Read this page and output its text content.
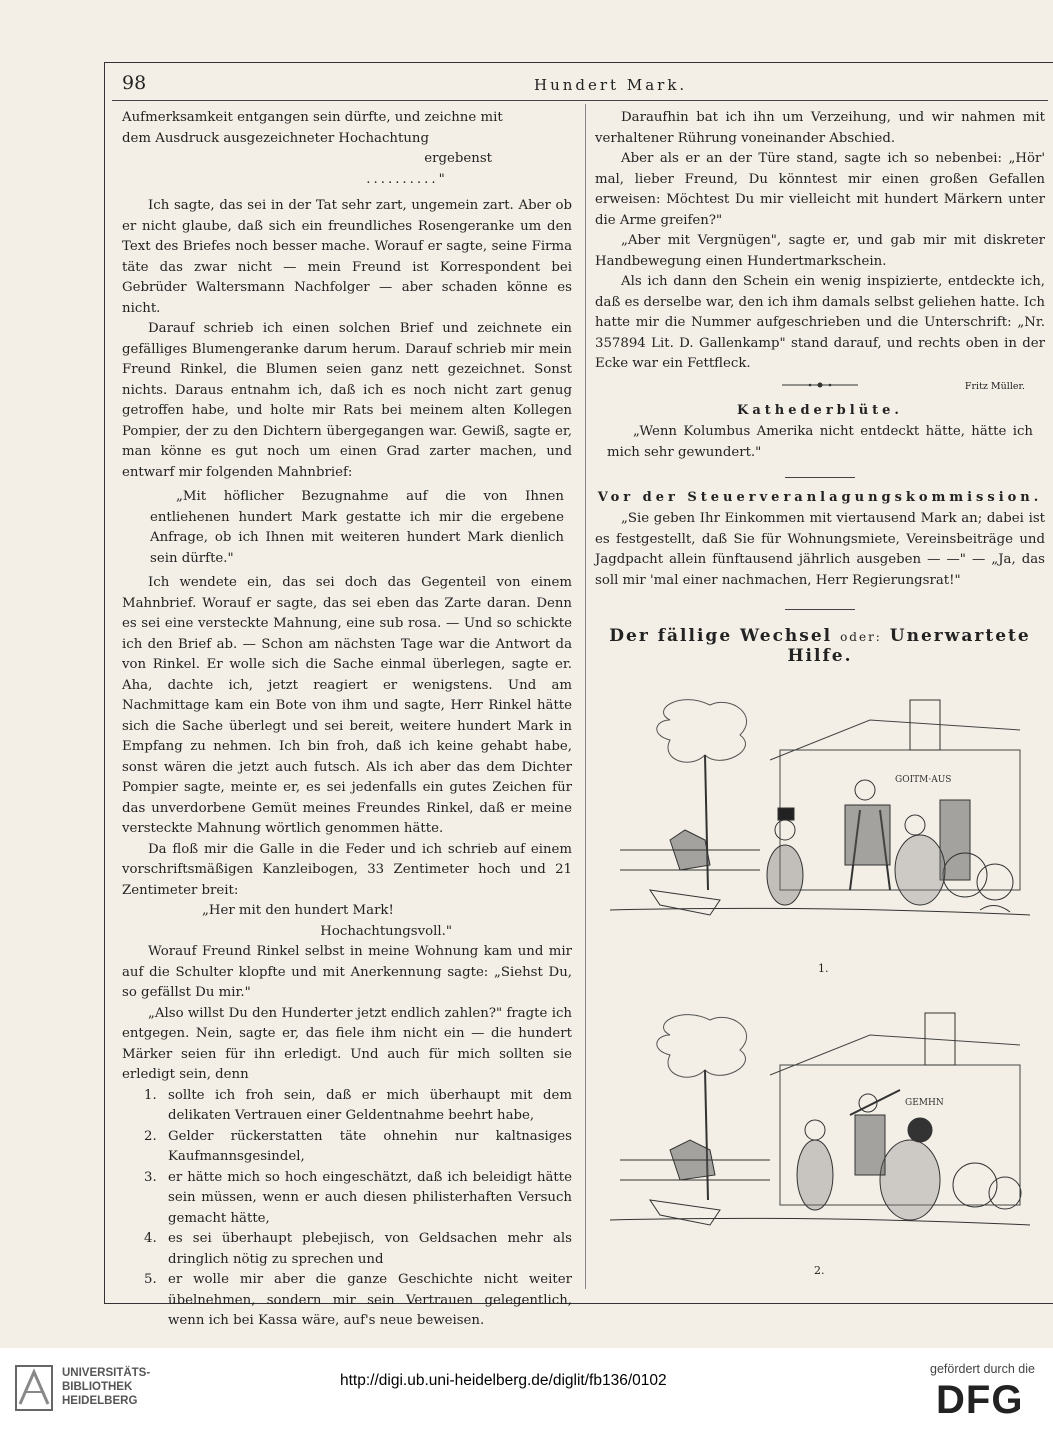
98	Hundert Mark.

Aufmerksamkeit entgangen sein dürfte, und zeichne mit

dem Ausdruck ausgezeichneter Hochachtung

ergebenst

.........."

Ich sagte, das sei in der Tat sehr zart, ungemein zart. Aber ob er nicht glaube, daß sich ein freundliches Rosengeranke um den Text des Briefes noch besser mache. Worauf er sagte, seine Firma täte das zwar nicht — mein Freund ist Korrespondent bei Gebrüder Waltersmann Nachfolger — aber schaden könne es nicht.

Darauf schrieb ich einen solchen Brief und zeichnete ein gefälliges Blumengeranke darum herum. Darauf schrieb mir mein Freund Rinkel, die Blumen seien ganz nett gezeichnet. Sonst nichts. Daraus entnahm ich, daß ich es noch nicht zart genug getroffen habe, und holte mir Rats bei meinem alten Kollegen Pompier, der zu den Dichtern übergegangen war. Gewiß, sagte er, man könne es gut noch um einen Grad zarter machen, und entwarf mir folgenden Mahnbrief:

„Mit höflicher Bezugnahme auf die von Ihnen entliehenen hundert Mark gestatte ich mir die ergebene Anfrage, ob ich Ihnen mit weiteren hundert Mark dienlich sein dürfte."

Ich wendete ein, das sei doch das Gegenteil von einem Mahnbrief. Worauf er sagte, das sei eben das Zarte daran. Denn es sei eine versteckte Mahnung, eine sub rosa. — Und so schickte ich den Brief ab. — Schon am nächsten Tage war die Antwort da von Rinkel. Er wolle sich die Sache einmal überlegen, sagte er. Aha, dachte ich, jetzt reagiert er wenigstens. Und am Nachmittage kam ein Bote von ihm und sagte, Herr Rinkel hätte sich die Sache überlegt und sei bereit, weitere hundert Mark in Empfang zu nehmen. Ich bin froh, daß ich keine gehabt habe, sonst wären die jetzt auch futsch. Als ich aber das dem Dichter Pompier sagte, meinte er, es sei jedenfalls ein gutes Zeichen für das unverdorbene Gemüt meines Freundes Rinkel, daß er meine versteckte Mahnung wörtlich genommen hätte.

Da floß mir die Galle in die Feder und ich schrieb auf einem vorschriftsmäßigen Kanzleibogen, 33 Zentimeter hoch und 21 Zentimeter breit:

„Her mit den hundert Mark!

Hochachtungsvoll."

Worauf Freund Rinkel selbst in meine Wohnung kam und mir auf die Schulter klopfte und mit Anerkennung sagte: „Siehst Du, so gefällst Du mir."

„Also willst Du den Hunderter jetzt endlich zahlen?" fragte ich entgegen. Nein, sagte er, das fiele ihm nicht ein — die hundert Märker seien für ihn erledigt. Und auch für mich sollten sie erledigt sein, denn

1. sollte ich froh sein, daß er mich überhaupt mit dem delikaten Vertrauen einer Geldentnahme beehrt habe,
2. Gelder rückerstatten täte ohnehin nur kaltnasiges Kaufmannsgesindel,
3. er hätte mich so hoch eingeschätzt, daß ich beleidigt hätte sein müssen, wenn er auch diesen philisterhaften Versuch gemacht hätte,
4. es sei überhaupt plebejisch, von Geldsachen mehr als dringlich nötig zu sprechen und
5. er wolle mir aber die ganze Geschichte nicht weiter übelnehmen, sondern mir sein Vertrauen gelegentlich, wenn ich bei Kassa wäre, auf's neue beweisen.

Daraufhin bat ich ihn um Verzeihung, und wir nahmen mit verhaltener Rührung voneinander Abschied.

Aber als er an der Türe stand, sagte ich so nebenbei: „Hör' mal, lieber Freund, Du könntest mir einen großen Gefallen erweisen: Möchtest Du mir vielleicht mit hundert Märkern unter die Arme greifen?"

„Aber mit Vergnügen", sagte er, und gab mir mit diskreter Handbewegung einen Hundertmarkschein.

Als ich dann den Schein ein wenig inspizierte, entdeckte ich, daß es derselbe war, den ich ihm damals selbst geliehen hatte. Ich hatte mir die Nummer aufgeschrieben und die Unterschrift: „Nr. 357894 Lit. D. Gallenkamp" stand darauf, und rechts oben in der Ecke war ein Fettfleck.

Fritz Müller.

Kathederblüte.

„Wenn Kolumbus Amerika nicht entdeckt hätte, hätte ich mich sehr gewundert."

Vor der Steuerveranlagungskommission.

„Sie geben Ihr Einkommen mit viertausend Mark an; dabei ist es festgestellt, daß Sie für Wohnungsmiete, Vereinsbeiträge und Jagdpacht allein fünftausend jährlich ausgeben — —" — „Ja, das soll mir 'mal einer nachmachen, Herr Regierungsrat!"

Der fällige Wechsel oder: Unerwartete Hilfe.
GOITM·AUS
1.
GEMHN
2.
UNIVERSITÄTS-
BIBLIOTHEK
HEIDELBERG
http://digi.ub.uni-heidelberg.de/diglit/fb136/0102
gefördert durch die
DFG
